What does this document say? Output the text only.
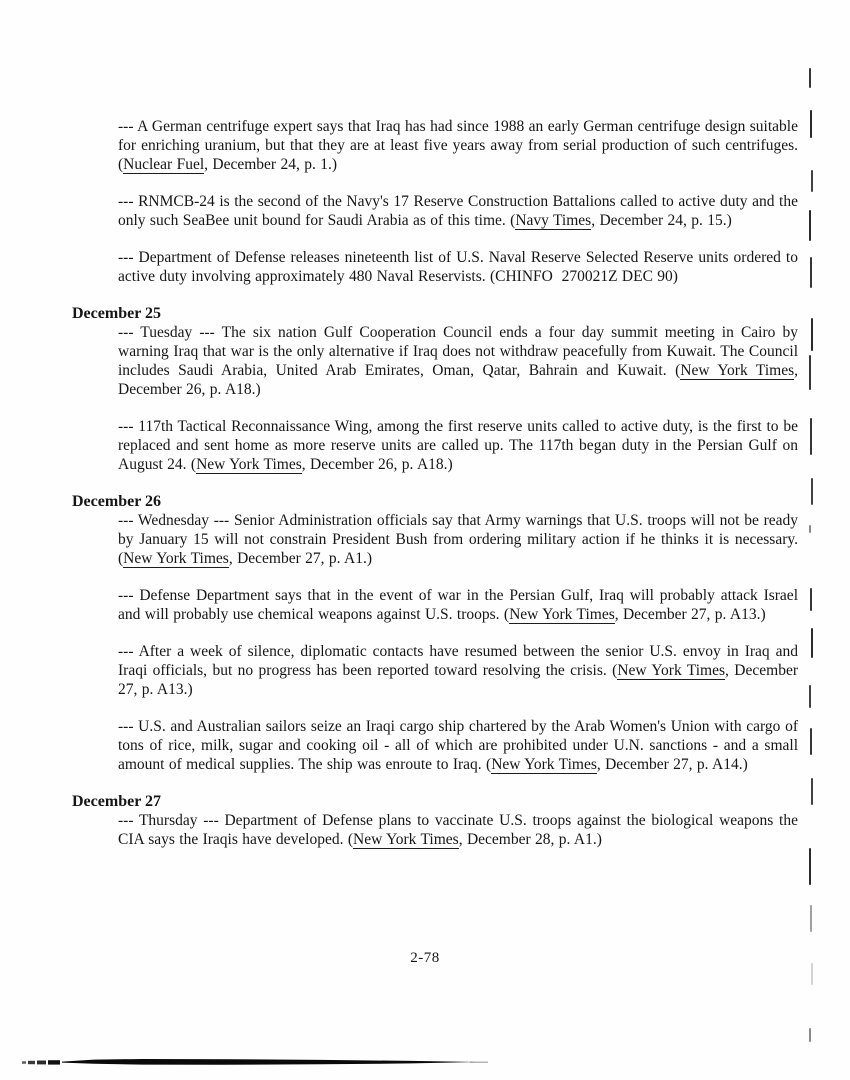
--- A German centrifuge expert says that Iraq has had since 1988 an early German centrifuge design suitable for enriching uranium, but that they are at least five years away from serial production of such centrifuges. (Nuclear Fuel, December 24, p. 1.)

--- RNMCB-24 is the second of the Navy's 17 Reserve Construction Battalions called to active duty and the only such SeaBee unit bound for Saudi Arabia as of this time. (Navy Times, December 24, p. 15.)

--- Department of Defense releases nineteenth list of U.S. Naval Reserve Selected Reserve units ordered to active duty involving approximately 480 Naval Reservists. (CHINFO  270021Z DEC 90)

December 25

--- Tuesday --- The six nation Gulf Cooperation Council ends a four day summit meeting in Cairo by warning Iraq that war is the only alternative if Iraq does not withdraw peacefully from Kuwait. The Council includes Saudi Arabia, United Arab Emirates, Oman, Qatar, Bahrain and Kuwait. (New York Times, December 26, p. A18.)

--- 117th Tactical Reconnaissance Wing, among the first reserve units called to active duty, is the first to be replaced and sent home as more reserve units are called up. The 117th began duty in the Persian Gulf on August 24. (New York Times, December 26, p. A18.)

December 26

--- Wednesday --- Senior Administration officials say that Army warnings that U.S. troops will not be ready by January 15 will not constrain President Bush from ordering military action if he thinks it is necessary. (New York Times, December 27, p. A1.)

--- Defense Department says that in the event of war in the Persian Gulf, Iraq will probably attack Israel and will probably use chemical weapons against U.S. troops. (New York Times, December 27, p. A13.)

--- After a week of silence, diplomatic contacts have resumed between the senior U.S. envoy in Iraq and Iraqi officials, but no progress has been reported toward resolving the crisis. (New York Times, December 27, p. A13.)

--- U.S. and Australian sailors seize an Iraqi cargo ship chartered by the Arab Women's Union with cargo of tons of rice, milk, sugar and cooking oil - all of which are prohibited under U.N. sanctions - and a small amount of medical supplies. The ship was enroute to Iraq. (New York Times, December 27, p. A14.)

December 27

--- Thursday --- Department of Defense plans to vaccinate U.S. troops against the biological weapons the CIA says the Iraqis have developed. (New York Times, December 28, p. A1.)

2-78
